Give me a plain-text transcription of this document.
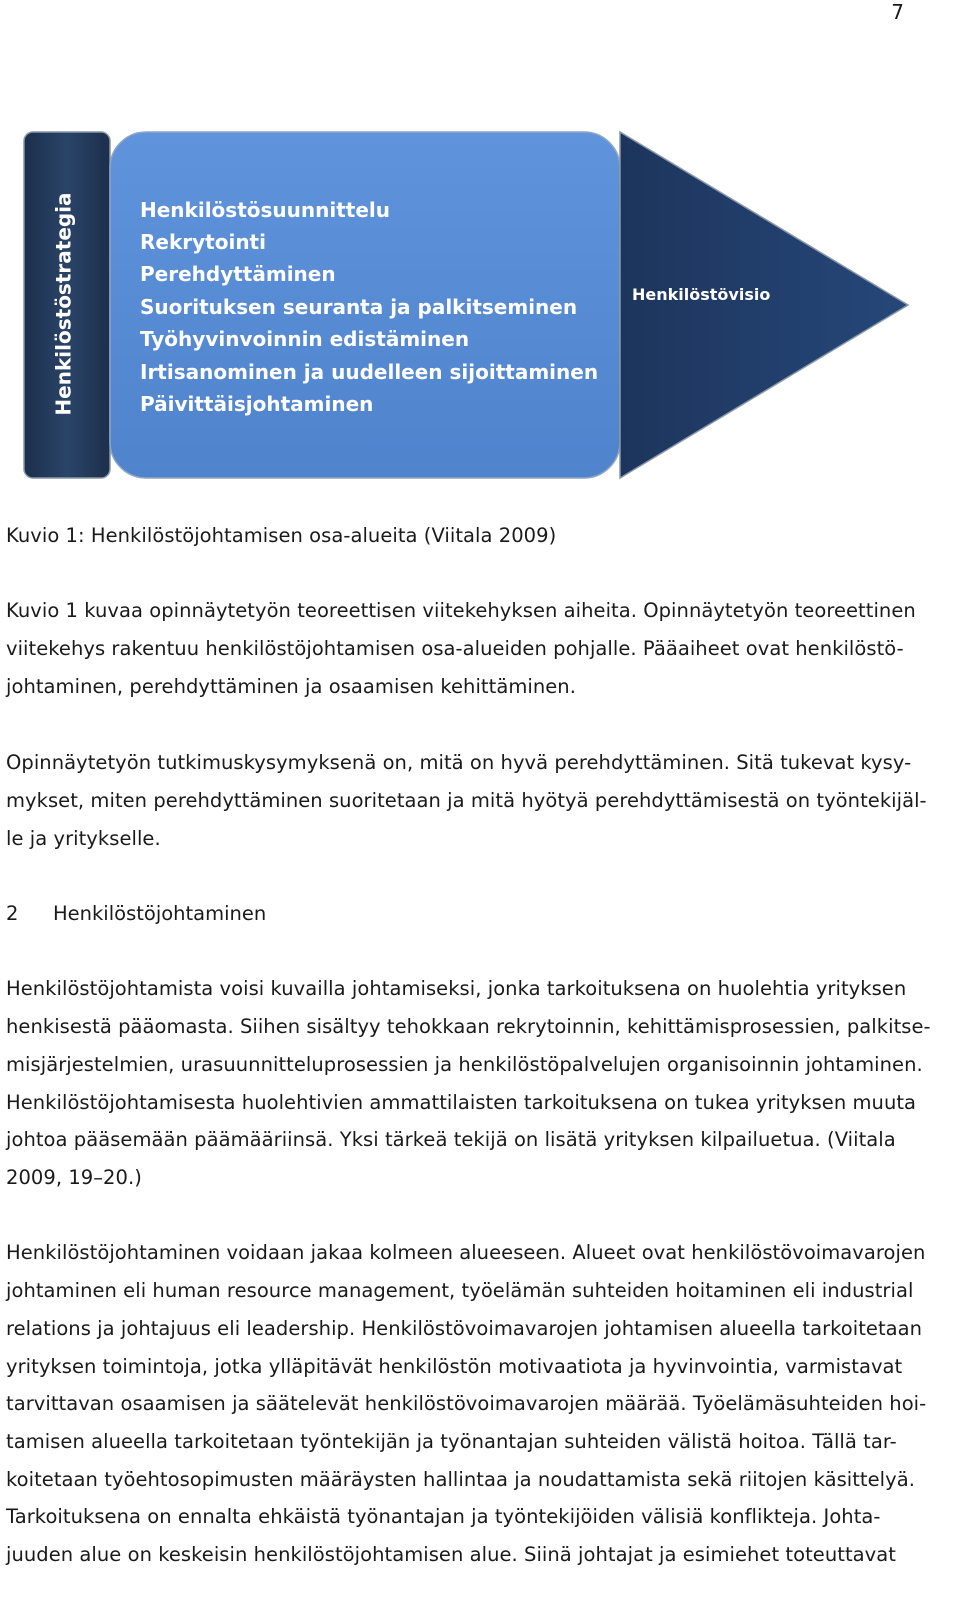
7
Henkilöstöstrategia	Henkilöstösuunnittelu
Rekrytointi
Perehdyttäminen
Suorituksen seuranta ja palkitseminen
Työhyvinvoinnin edistäminen
Irtisanominen ja uudelleen sijoittaminen
Päivittäisjohtaminen
Henkilöstövisio
Kuvio 1: Henkilöstöjohtamisen osa-alueita (Viitala 2009)
Kuvio 1 kuvaa opinnäytetyön teoreettisen viitekehyksen aiheita. Opinnäytetyön teoreettinen
viitekehys rakentuu henkilöstöjohtamisen osa-alueiden pohjalle. Pääaiheet ovat henkilöstö-
johtaminen, perehdyttäminen ja osaamisen kehittäminen.
Opinnäytetyön tutkimuskysymyksenä on, mitä on hyvä perehdyttäminen. Sitä tukevat kysy-
mykset, miten perehdyttäminen suoritetaan ja mitä hyötyä perehdyttämisestä on työntekijäl-
le ja yritykselle.
2 Henkilöstöjohtaminen
Henkilöstöjohtamista voisi kuvailla johtamiseksi, jonka tarkoituksena on huolehtia yrityksen
henkisestä pääomasta. Siihen sisältyy tehokkaan rekrytoinnin, kehittämisprosessien, palkitse-
misjärjestelmien, urasuunnitteluprosessien ja henkilöstöpalvelujen organisoinnin johtaminen.
Henkilöstöjohtamisesta huolehtivien ammattilaisten tarkoituksena on tukea yrityksen muuta
johtoa pääsemään päämääriinsä. Yksi tärkeä tekijä on lisätä yrityksen kilpailuetua. (Viitala
2009, 19–20.)
Henkilöstöjohtaminen voidaan jakaa kolmeen alueeseen. Alueet ovat henkilöstövoimavarojen
johtaminen eli human resource management, työelämän suhteiden hoitaminen eli industrial
relations ja johtajuus eli leadership. Henkilöstövoimavarojen johtamisen alueella tarkoitetaan
yrityksen toimintoja, jotka ylläpitävät henkilöstön motivaatiota ja hyvinvointia, varmistavat
tarvittavan osaamisen ja säätelevät henkilöstövoimavarojen määrää. Työelämäsuhteiden hoi-
tamisen alueella tarkoitetaan työntekijän ja työnantajan suhteiden välistä hoitoa. Tällä tar-
koitetaan työehtosopimusten määräysten hallintaa ja noudattamista sekä riitojen käsittelyä.
Tarkoituksena on ennalta ehkäistä työnantajan ja työntekijöiden välisiä konflikteja. Johta-
juuden alue on keskeisin henkilöstöjohtamisen alue. Siinä johtajat ja esimiehet toteuttavat
